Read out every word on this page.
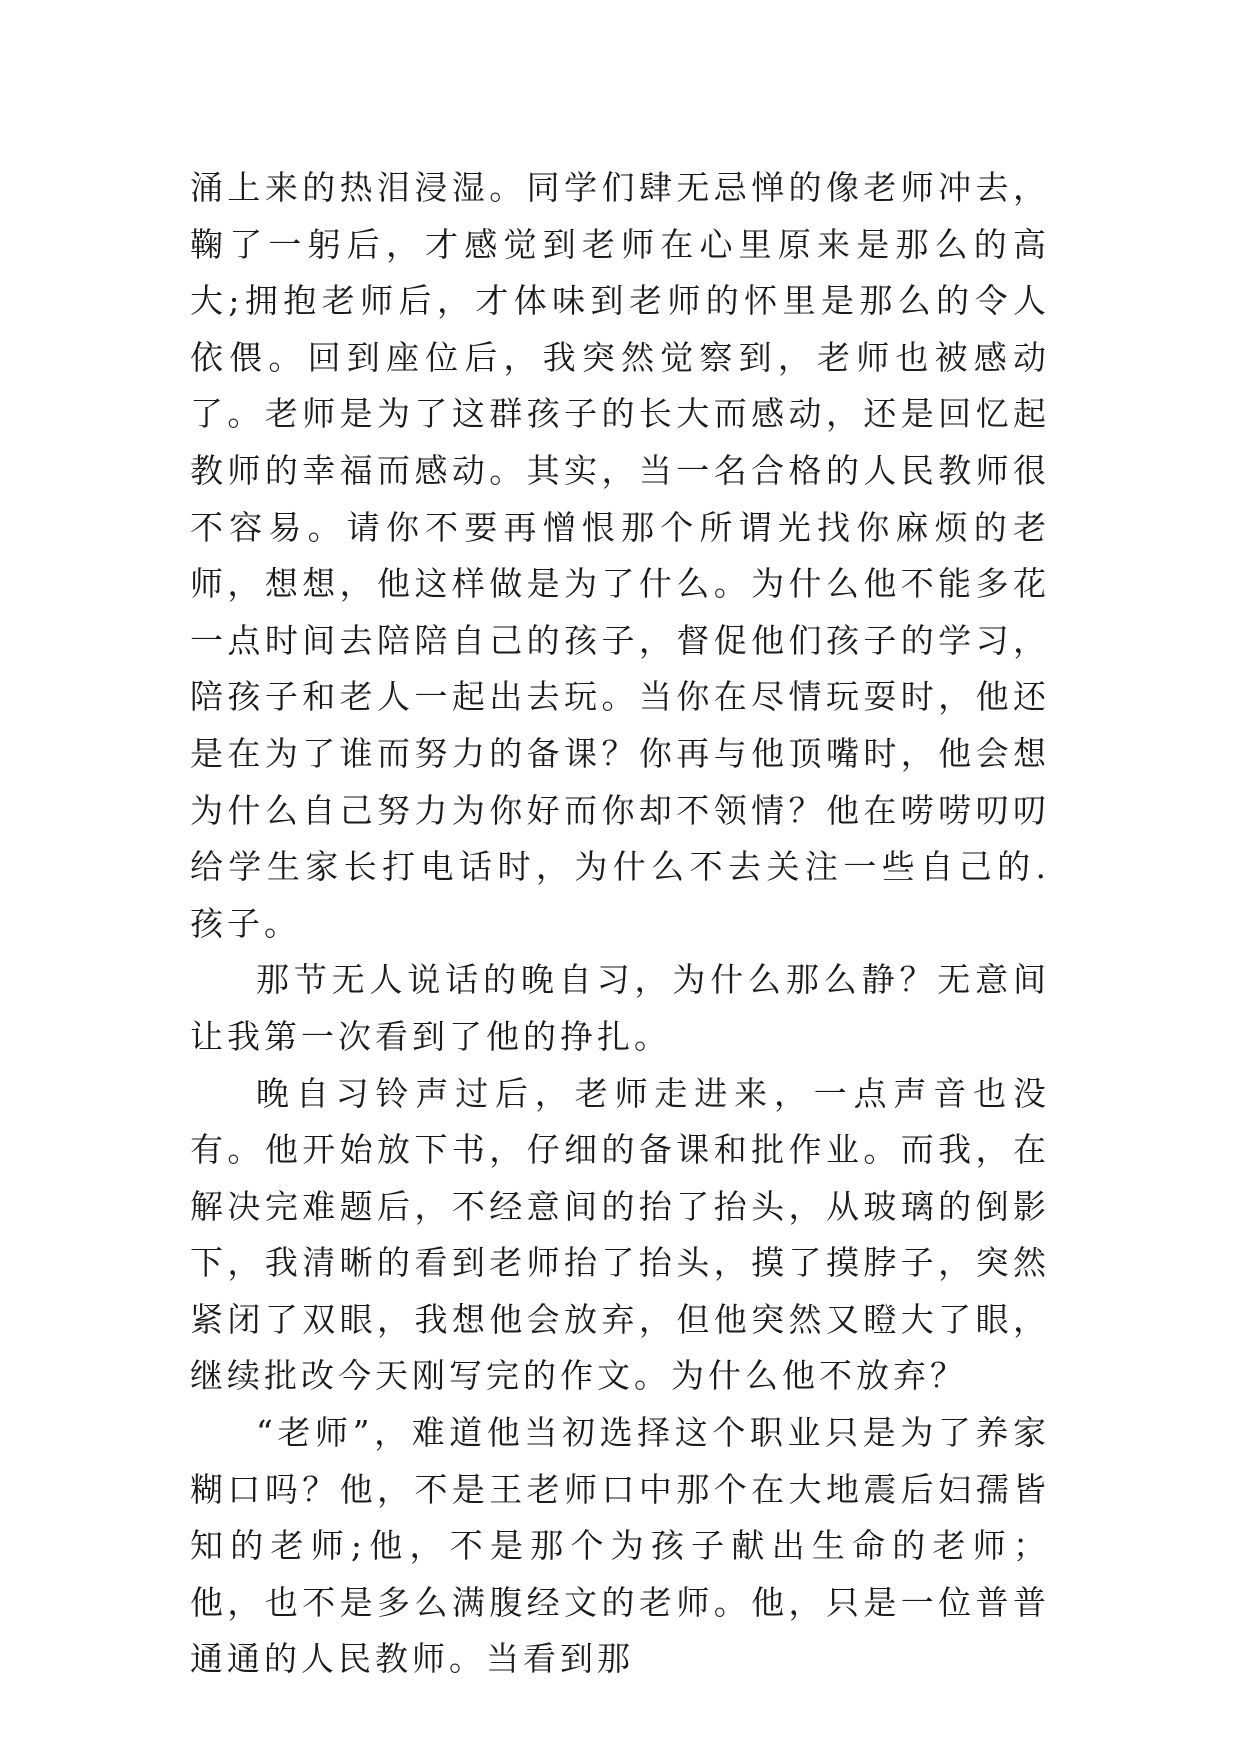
涌上来的热泪浸湿。同学们肆无忌惮的像老师冲去，鞠了一躬后，才感觉到老师在心里原来是那么的高大;拥抱老师后，才体味到老师的怀里是那么的令人依偎。回到座位后，我突然觉察到，老师也被感动了。老师是为了这群孩子的长大而感动，还是回忆起教师的幸福而感动。其实，当一名合格的人民教师很不容易。请你不要再憎恨那个所谓光找你麻烦的老师，想想，他这样做是为了什么。为什么他不能多花一点时间去陪陪自己的孩子，督促他们孩子的学习，陪孩子和老人一起出去玩。当你在尽情玩耍时，他还是在为了谁而努力的备课？你再与他顶嘴时，他会想为什么自己努力为你好而你却不领情？他在唠唠叨叨给学生家长打电话时，为什么不去关注一些自己的.孩子。

那节无人说话的晚自习，为什么那么静？无意间让我第一次看到了他的挣扎。

晚自习铃声过后，老师走进来，一点声音也没有。他开始放下书，仔细的备课和批作业。而我，在解决完难题后，不经意间的抬了抬头，从玻璃的倒影下，我清晰的看到老师抬了抬头，摸了摸脖子，突然紧闭了双眼，我想他会放弃，但他突然又瞪大了眼，继续批改今天刚写完的作文。为什么他不放弃？

“老师”，难道他当初选择这个职业只是为了养家糊口吗？他，不是王老师口中那个在大地震后妇孺皆知的老师;他，不是那个为孩子献出生命的老师；他，也不是多么满腹经文的老师。他，只是一位普普通通的人民教师。当看到那
